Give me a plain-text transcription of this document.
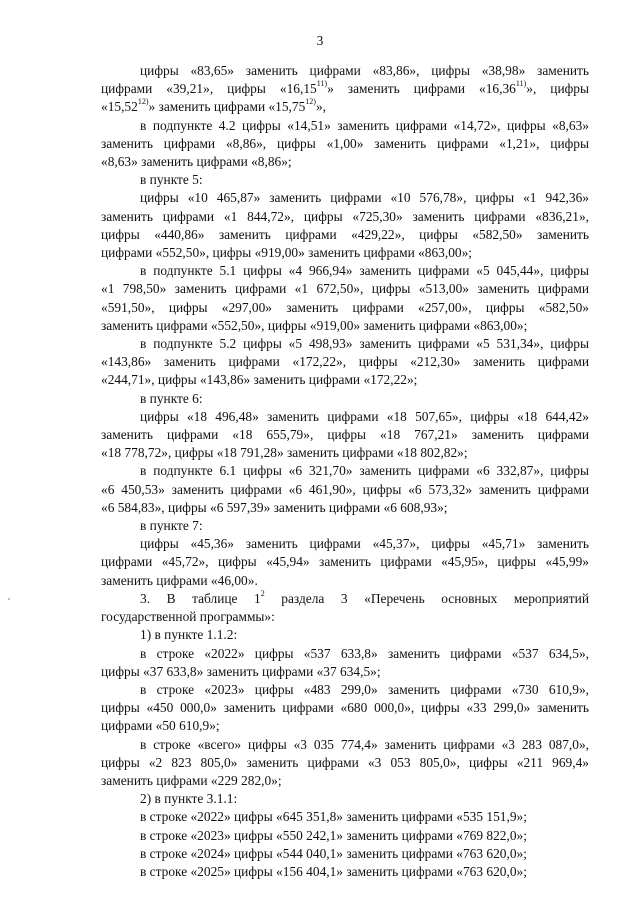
3
цифры «83,65» заменить цифрами «83,86», цифры «38,98» заменить
цифрами «39,21», цифры «16,15$^{11)}$» заменить цифрами «16,36$^{11)}$», цифры
«15,52$^{12)}$» заменить цифрами «15,75$^{12)}$»,
в подпункте 4.2 цифры «14,51» заменить цифрами «14,72», цифры «8,63»
заменить цифрами «8,86», цифры «1,00» заменить цифрами «1,21», цифры
«8,63» заменить цифрами «8,86»;
в пункте 5:
цифры «10 465,87» заменить цифрами «10 576,78», цифры «1 942,36»
заменить цифрами «1 844,72», цифры «725,30» заменить цифрами «836,21»,
цифры «440,86» заменить цифрами «429,22», цифры «582,50» заменить
цифрами «552,50», цифры «919,00» заменить цифрами «863,00»;
в подпункте 5.1 цифры «4 966,94» заменить цифрами «5 045,44», цифры
«1 798,50» заменить цифрами «1 672,50», цифры «513,00» заменить цифрами
«591,50», цифры «297,00» заменить цифрами «257,00», цифры «582,50»
заменить цифрами «552,50», цифры «919,00» заменить цифрами «863,00»;
в подпункте 5.2 цифры «5 498,93» заменить цифрами «5 531,34», цифры
«143,86» заменить цифрами «172,22», цифры «212,30» заменить цифрами
«244,71», цифры «143,86» заменить цифрами «172,22»;
в пункте 6:
цифры «18 496,48» заменить цифрами «18 507,65», цифры «18 644,42»
заменить цифрами «18 655,79», цифры «18 767,21» заменить цифрами
«18 778,72», цифры «18 791,28» заменить цифрами «18 802,82»;
в подпункте 6.1 цифры «6 321,70» заменить цифрами «6 332,87», цифры
«6 450,53» заменить цифрами «6 461,90», цифры «6 573,32» заменить цифрами
«6 584,83», цифры «6 597,39» заменить цифрами «6 608,93»;
в пункте 7:
цифры «45,36» заменить цифрами «45,37», цифры «45,71» заменить
цифрами «45,72», цифры «45,94» заменить цифрами «45,95», цифры «45,99»
заменить цифрами «46,00».
3. В таблице $1^2$ раздела 3 «Перечень основных мероприятий
государственной программы»:
1) в пункте 1.1.2:
в строке «2022» цифры «537 633,8» заменить цифрами «537 634,5»,
цифры «37 633,8» заменить цифрами «37 634,5»;
в строке «2023» цифры «483 299,0» заменить цифрами «730 610,9»,
цифры «450 000,0» заменить цифрами «680 000,0», цифры «33 299,0» заменить
цифрами «50 610,9»;
в строке «всего» цифры «3 035 774,4» заменить цифрами «3 283 087,0»,
цифры «2 823 805,0» заменить цифрами «3 053 805,0», цифры «211 969,4»
заменить цифрами «229 282,0»;
2) в пункте 3.1.1:
в строке «2022» цифры «645 351,8» заменить цифрами «535 151,9»;
в строке «2023» цифры «550 242,1» заменить цифрами «769 822,0»;
в строке «2024» цифры «544 040,1» заменить цифрами «763 620,0»;
в строке «2025» цифры «156 404,1» заменить цифрами «763 620,0»;
